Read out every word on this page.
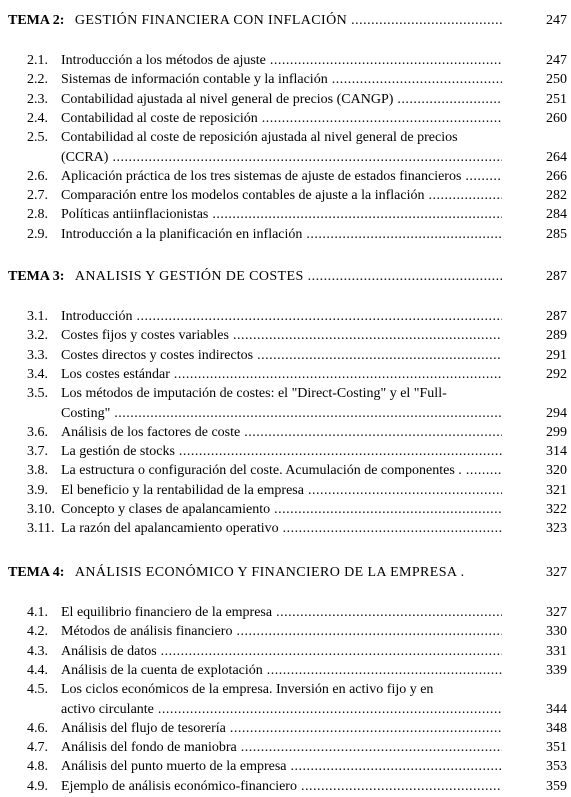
TEMA 2: GESTIÓN FINANCIERA CON INFLACIÓN .....	247
2.1. Introducción a los métodos de ajuste .....	247
2.2. Sistemas de información contable y la inflación .....	250
2.3. Contabilidad ajustada al nivel general de precios (CANGP) .....	251
2.4. Contabilidad al coste de reposición .....	260
2.5. Contabilidad al coste de reposición ajustada al nivel general de precios
(CCRA) .....	264
2.6. Aplicación práctica de los tres sistemas de ajuste de estados financieros .....	266
2.7. Comparación entre los modelos contables de ajuste a la inflación .....	282
2.8. Políticas antiinflacionistas .....	284
2.9. Introducción a la planificación en inflación .....	285
TEMA 3: ANALISIS Y GESTIÓN DE COSTES .....	287
3.1. Introducción .....	287
3.2. Costes fijos y costes variables .....	289
3.3. Costes directos y costes indirectos .....	291
3.4. Los costes estándar .....	292
3.5. Los métodos de imputación de costes: el "Direct-Costing" y el "Full-
Costing" .....	294
3.6. Análisis de los factores de coste .....	299
3.7. La gestión de stocks .....	314
3.8. La estructura o configuración del coste. Acumulación de componentes . .....	320
3.9. El beneficio y la rentabilidad de la empresa .....	321
3.10. Concepto y clases de apalancamiento .....	322
3.11. La razón del apalancamiento operativo .....	323
TEMA 4: ANÁLISIS ECONÓMICO Y FINANCIERO DE LA EMPRESA .	327
4.1. El equilibrio financiero de la empresa .....	327
4.2. Métodos de análisis financiero .....	330
4.3. Análisis de datos .....	331
4.4. Análisis de la cuenta de explotación .....	339
4.5. Los ciclos económicos de la empresa. Inversión en activo fijo y en
activo circulante .....	344
4.6. Análisis del flujo de tesorería .....	348
4.7. Análisis del fondo de maniobra .....	351
4.8. Análisis del punto muerto de la empresa .....	353
4.9. Ejemplo de análisis económico-financiero .....	359
